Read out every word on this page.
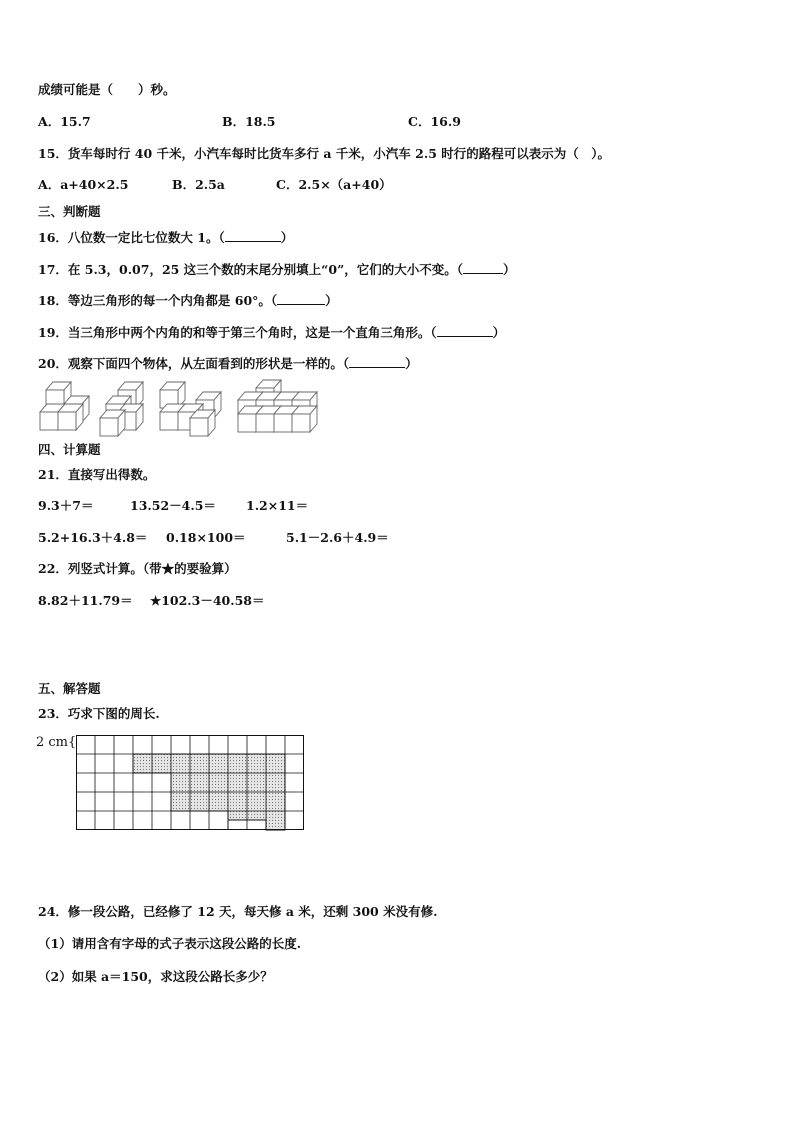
成绩可能是（　　）秒。
A．15.7	B．18.5	C．16.9
15．货车每时行 40 千米，小汽车每时比货车多行 a 千米，小汽车 2.5 时行的路程可以表示为（　）。
A．a+40×2.5	B．2.5a	C．2.5×（a+40）
三、判断题
16．八位数一定比七位数大 1。（	）
17．在 5.3，0.07，25 这三个数的末尾分别填上“0”，它们的大小不变。（	）
18．等边三角形的每一个内角都是 60°。（	）
19．当三角形中两个内角的和等于第三个角时，这是一个直角三角形。（	）
20．观察下面四个物体，从左面看到的形状是一样的。（	）
四、计算题
21．直接写出得数。
9.3＋7＝	13.52－4.5＝ 1.2×11＝
5.2+16.3＋4.8＝ 0.18×100＝	5.1－2.6＋4.9＝
22．列竖式计算。（带★的要验算）
8.82＋11.79＝ ★102.3－40.58＝
五、解答题
23．巧求下图的周长.
2 cm{
24．修一段公路，已经修了 12 天，每天修 a 米，还剩 300 米没有修.
（1）请用含有字母的式子表示这段公路的长度.
（2）如果 a＝150，求这段公路长多少？
